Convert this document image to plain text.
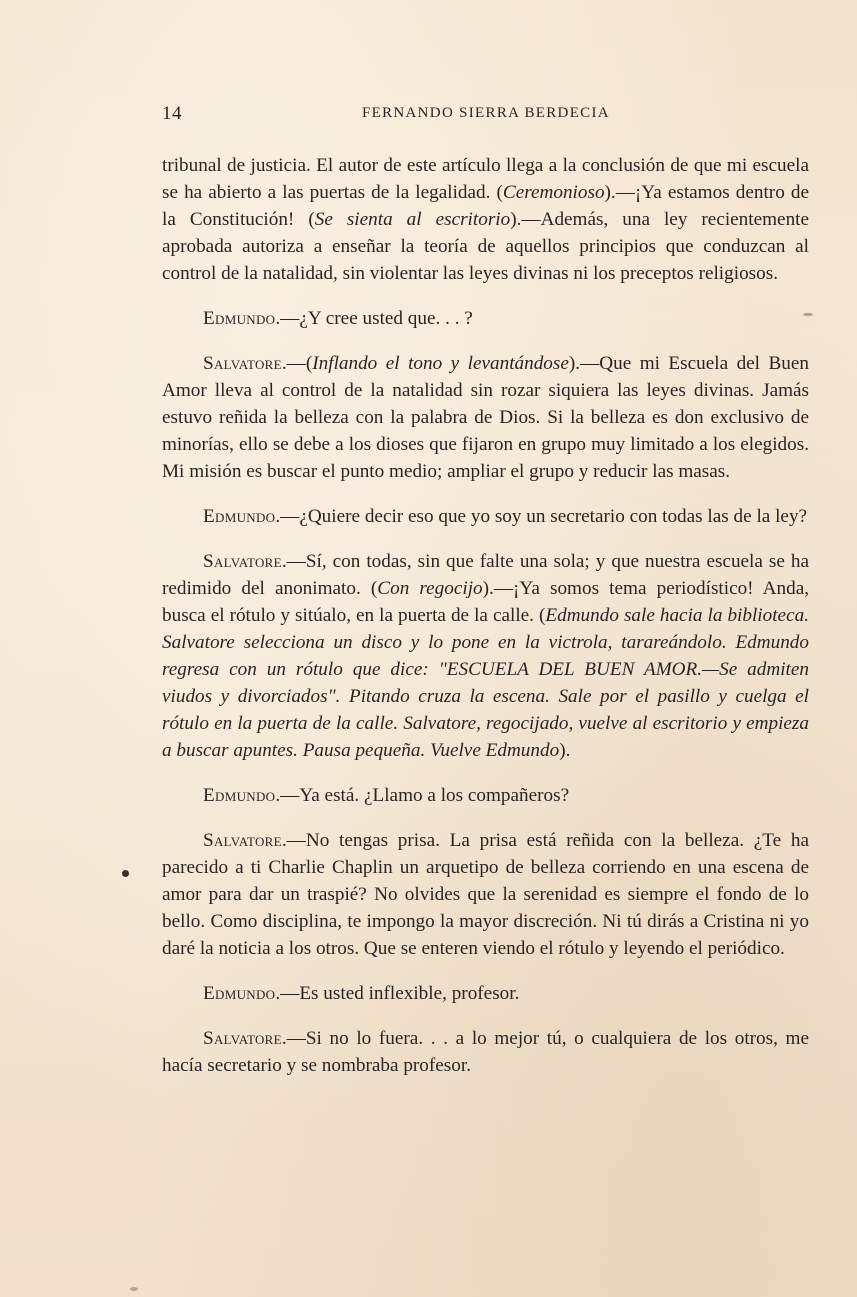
14	FERNANDO SIERRA BERDECIA

tribunal de justicia. El autor de este artículo llega a la conclusión de que mi escuela se ha abierto a las puertas de la legalidad. (Ceremonioso).—¡Ya estamos dentro de la Constitución! (Se sienta al escritorio).—Además, una ley recientemente aprobada autoriza a enseñar la teoría de aquellos principios que conduzcan al control de la natalidad, sin violentar las leyes divinas ni los preceptos religiosos.

Edmundo.—¿Y cree usted que. . . ?

Salvatore.—(Inflando el tono y levantándose).—Que mi Escuela del Buen Amor lleva al control de la natalidad sin rozar siquiera las leyes divinas. Jamás estuvo reñida la belleza con la palabra de Dios. Si la belleza es don exclusivo de minorías, ello se debe a los dioses que fijaron en grupo muy limitado a los elegidos. Mi misión es buscar el punto medio; ampliar el grupo y reducir las masas.

Edmundo.—¿Quiere decir eso que yo soy un secretario con todas las de la ley?

Salvatore.—Sí, con todas, sin que falte una sola; y que nuestra escuela se ha redimido del anonimato. (Con regocijo).—¡Ya somos tema periodístico! Anda, busca el rótulo y sitúalo, en la puerta de la calle. (Edmundo sale hacia la biblioteca. Salvatore selecciona un disco y lo pone en la victrola, tarareándolo. Edmundo regresa con un rótulo que dice: "ESCUELA DEL BUEN AMOR.—Se admiten viudos y divorciados". Pitando cruza la escena. Sale por el pasillo y cuelga el rótulo en la puerta de la calle. Salvatore, regocijado, vuelve al escritorio y empieza a buscar apuntes. Pausa pequeña. Vuelve Edmundo).

Edmundo.—Ya está. ¿Llamo a los compañeros?

Salvatore.—No tengas prisa. La prisa está reñida con la belleza. ¿Te ha parecido a ti Charlie Chaplin un arquetipo de belleza corriendo en una escena de amor para dar un traspié? No olvides que la serenidad es siempre el fondo de lo bello. Como disciplina, te impongo la mayor discreción. Ni tú dirás a Cristina ni yo daré la noticia a los otros. Que se enteren viendo el rótulo y leyendo el periódico.

Edmundo.—Es usted inflexible, profesor.

Salvatore.—Si no lo fuera. . . a lo mejor tú, o cualquiera de los otros, me hacía secretario y se nombraba profesor.
